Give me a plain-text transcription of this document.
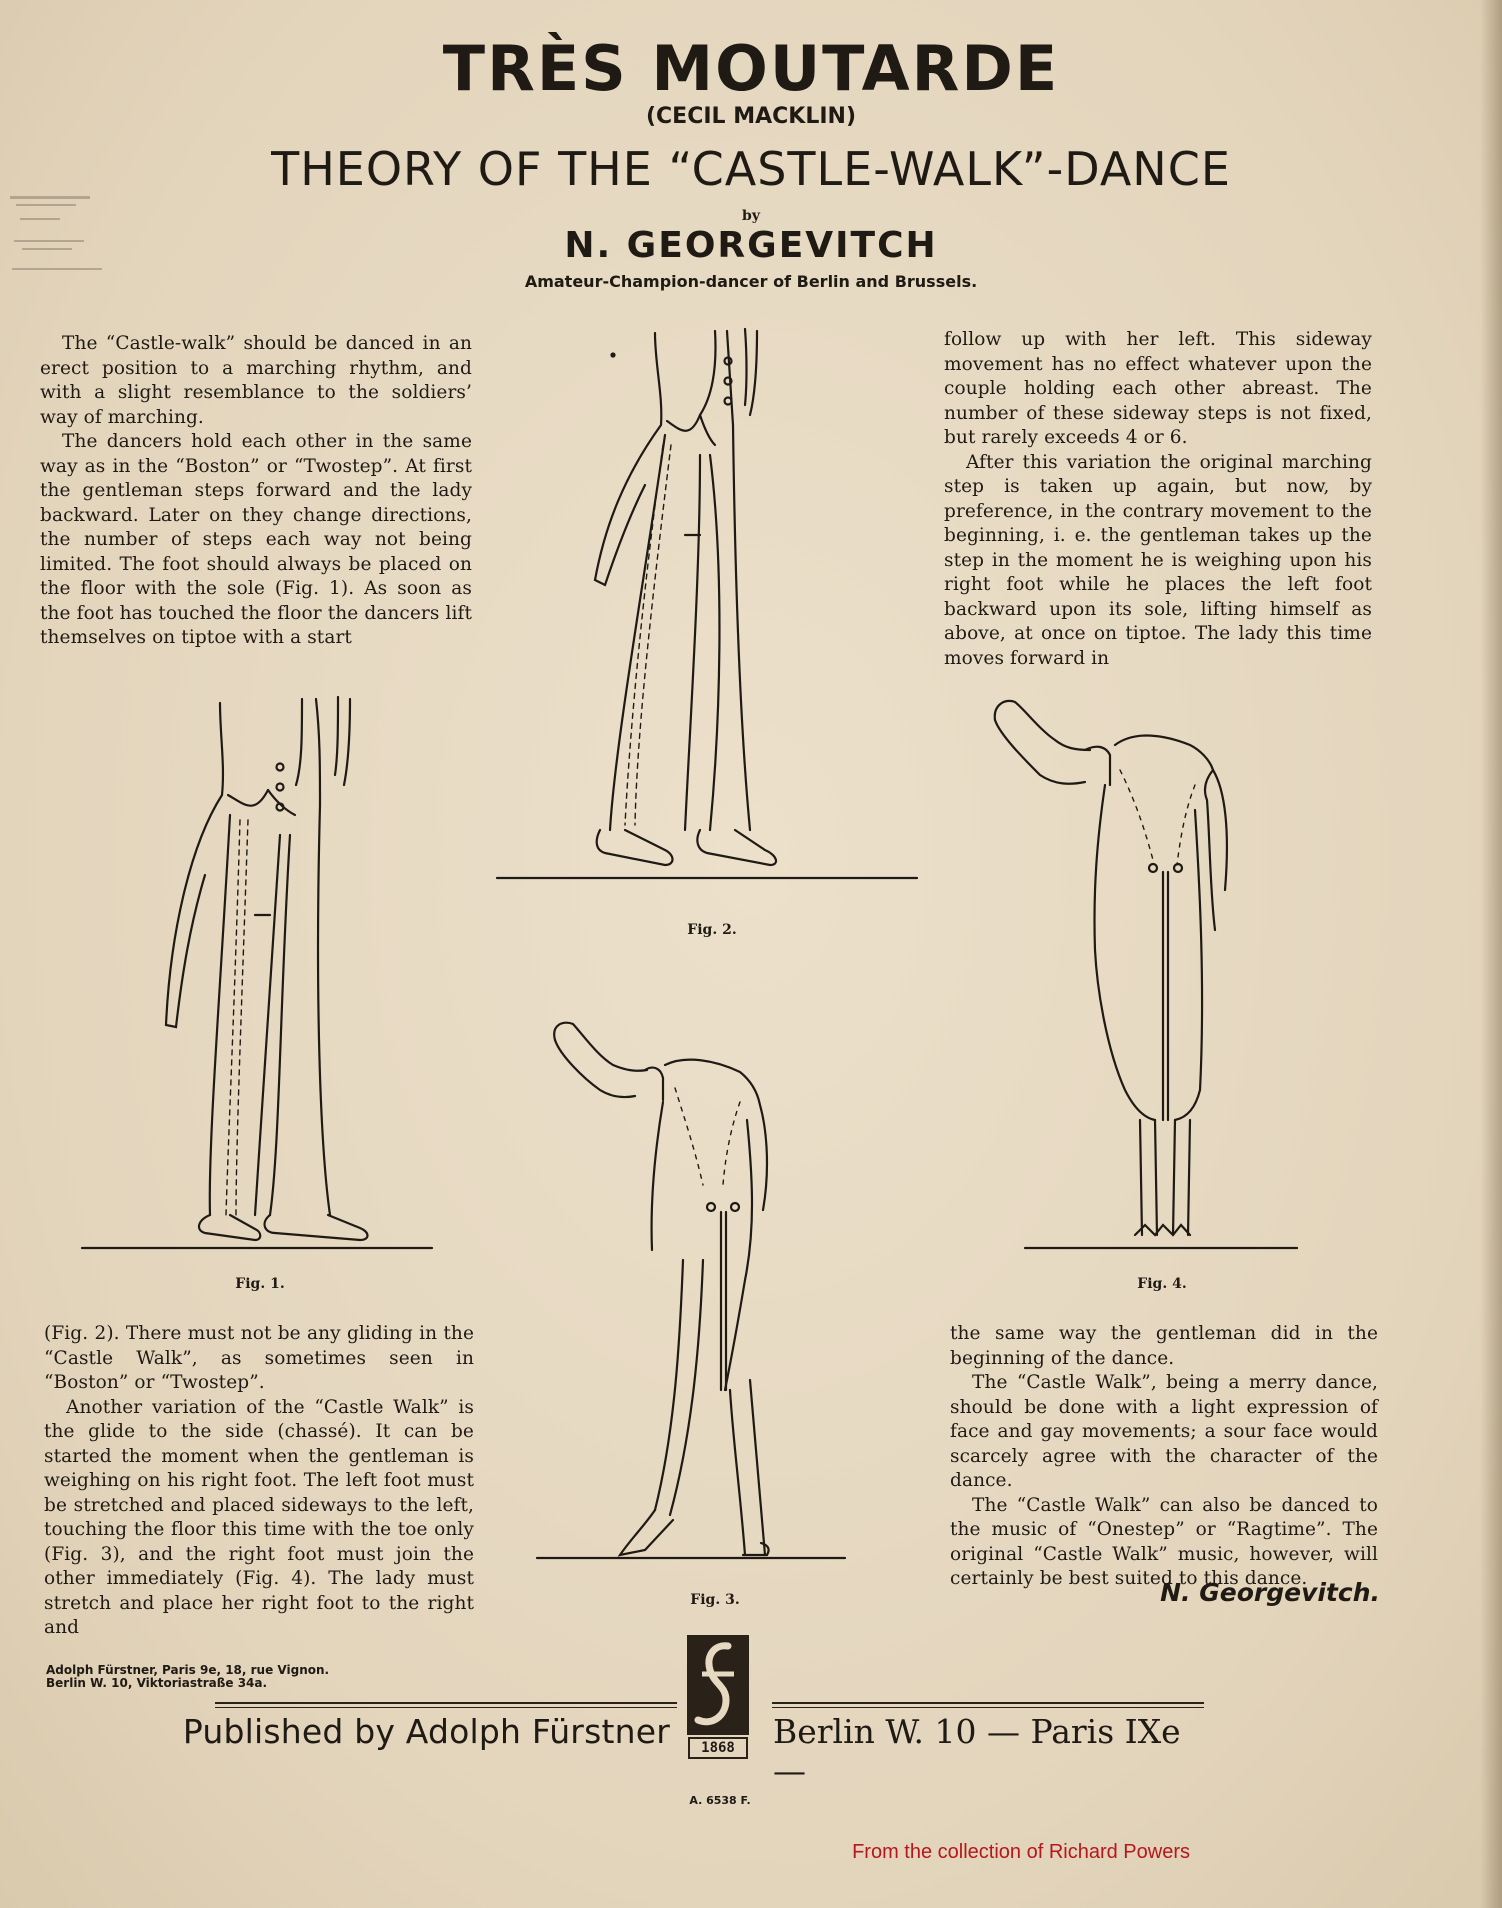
TRÈS MOUTARDE
(CECIL MACKLIN)
THEORY OF THE “CASTLE-WALK”-DANCE
by
N. GEORGEVITCH
Amateur-Champion-dancer of Berlin and Brussels.

The “Castle-walk” should be danced in an erect position to a marching rhythm, and with a slight resemblance to the soldiers’ way of marching.

The dancers hold each other in the same way as in the “Boston” or “Twostep”. At first the gentleman steps forward and the lady backward. Later on they change directions, the number of steps each way not being limited. The foot should always be placed on the floor with the sole (Fig. 1). As soon as the foot has touched the floor the dancers lift themselves on tiptoe with a start

follow up with her left. This sideway movement has no effect whatever upon the couple holding each other abreast. The number of these sideway steps is not fixed, but rarely exceeds 4 or 6.

After this variation the original marching step is taken up again, but now, by preference, in the contrary movement to the beginning, i. e. the gentleman takes up the step in the moment he is weighing upon his right foot while he places the left foot backward upon its sole, lifting himself as above, at once on tiptoe. The lady this time moves forward in

(Fig. 2). There must not be any gliding in the “Castle Walk”, as sometimes seen in “Boston” or “Twostep”.

Another variation of the “Castle Walk” is the glide to the side (chassé). It can be started the moment when the gentleman is weighing on his right foot. The left foot must be stretched and placed sideways to the left, touching the floor this time with the toe only (Fig. 3), and the right foot must join the other immediately (Fig. 4). The lady must stretch and place her right foot to the right and

the same way the gentleman did in the beginning of the dance.

The “Castle Walk”, being a merry dance, should be done with a light expression of face and gay movements; a sour face would scarcely agree with the character of the dance.

The “Castle Walk” can also be danced to the music of “Onestep” or “Ragtime”. The original “Castle Walk” music, however, will certainly be best suited to this dance.

N. Georgevitch.
Fig. 2.
Fig. 1.	Fig. 4.
Fig. 3.
Adolph Fürstner, Paris 9e, 18, rue Vignon.
Berlin W. 10, Viktoriastraße 34a.
Published by Adolph Fürstner	1868	Berlin W. 10 — Paris IXe —
A. 6538 F.
From the collection of Richard Powers
